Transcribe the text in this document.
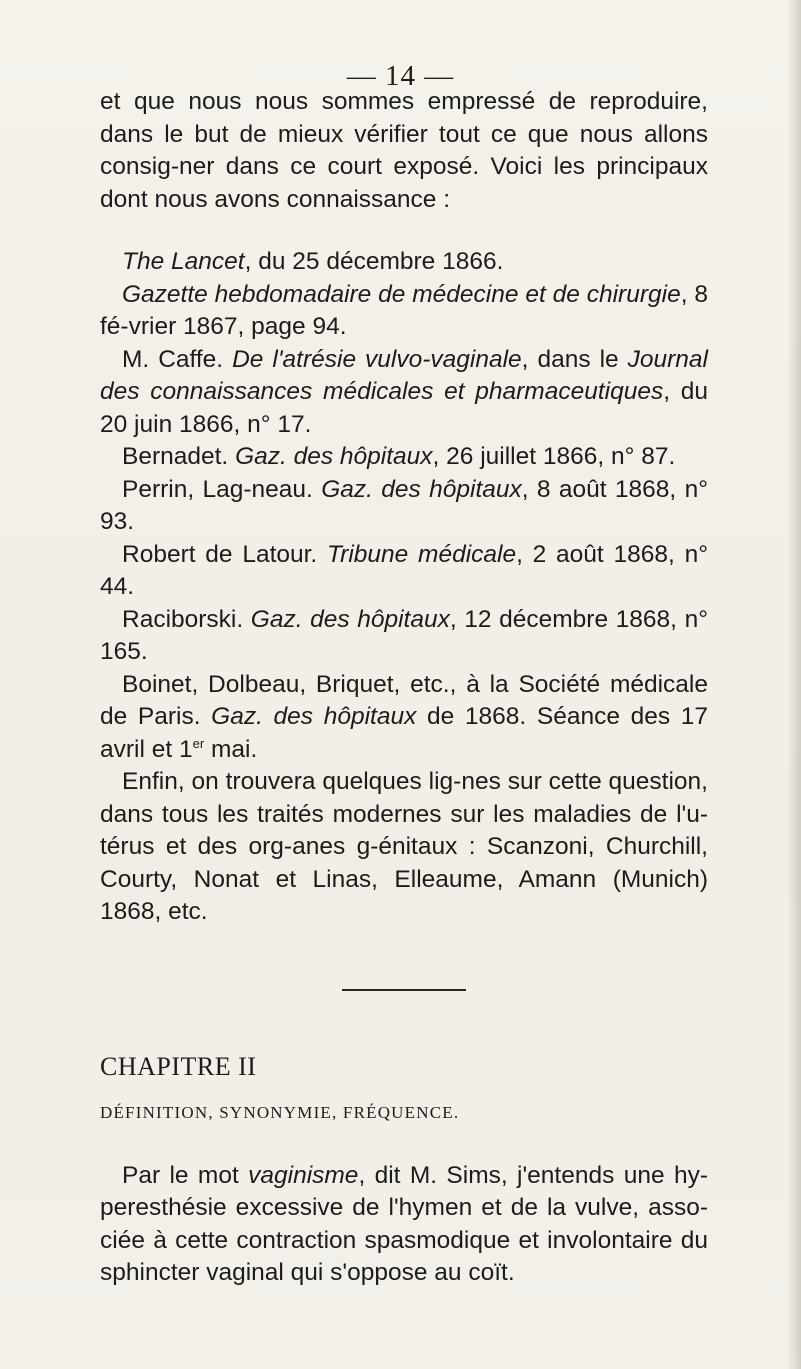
— 14 —

et que nous nous sommes empressé de reproduire, dans le but de mieux vérifier tout ce que nous allons consig-ner dans ce court exposé. Voici les principaux dont nous avons connaissance :

The Lancet, du 25 décembre 1866.

Gazette hebdomadaire de médecine et de chirurgie, 8 fé-vrier 1867, page 94.

M. Caffe. De l'atrésie vulvo-vaginale, dans le Journal des connaissances médicales et pharmaceutiques, du 20 juin 1866, n° 17.

Bernadet. Gaz. des hôpitaux, 26 juillet 1866, n° 87.

Perrin, Lag-neau. Gaz. des hôpitaux, 8 août 1868, n° 93.

Robert de Latour. Tribune médicale, 2 août 1868, n° 44.

Raciborski. Gaz. des hôpitaux, 12 décembre 1868, n° 165.

Boinet, Dolbeau, Briquet, etc., à la Société médicale de Paris. Gaz. des hôpitaux de 1868. Séance des 17 avril et 1er mai.

Enfin, on trouvera quelques lig-nes sur cette question, dans tous les traités modernes sur les maladies de l'u-térus et des org-anes g-énitaux : Scanzoni, Churchill, Courty, Nonat et Linas, Elleaume, Amann (Munich) 1868, etc.

CHAPITRE II

DÉFINITION, SYNONYMIE, FRÉQUENCE.

Par le mot vaginisme, dit M. Sims, j'entends une hy-peresthésie excessive de l'hymen et de la vulve, asso-ciée à cette contraction spasmodique et involontaire du sphincter vaginal qui s'oppose au coït.
